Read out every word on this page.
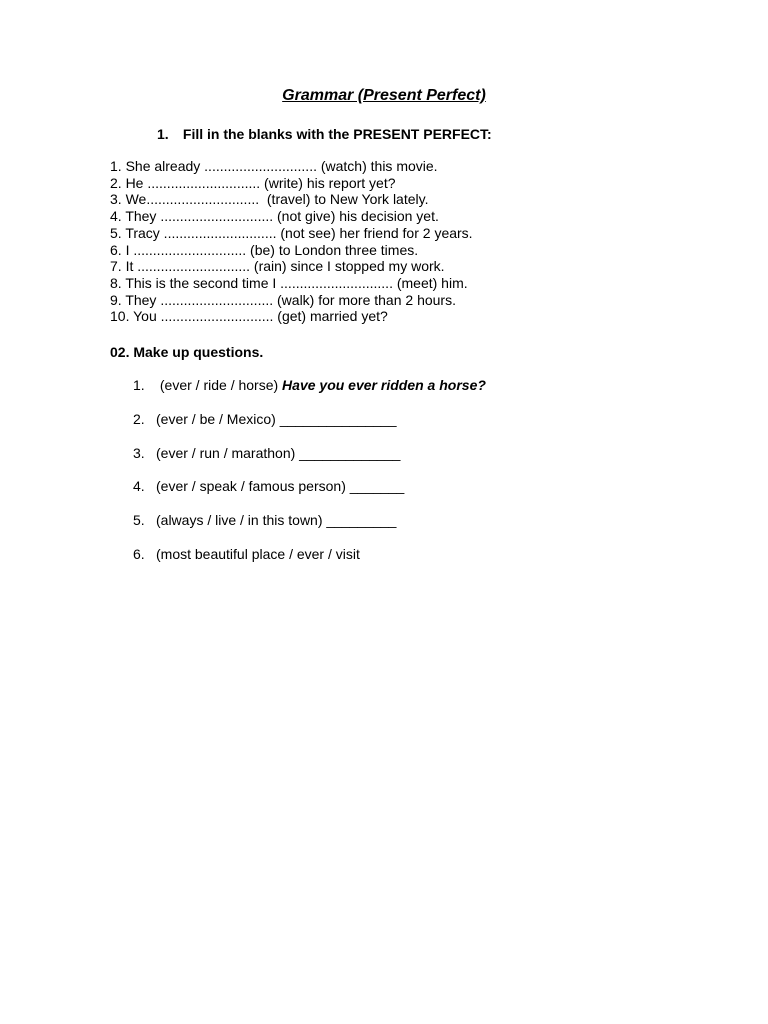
Grammar (Present Perfect)
1. Fill in the blanks with the PRESENT PERFECT:
1. She already ............................. (watch) this movie.
2. He ............................. (write) his report yet?
3. We.............................  (travel) to New York lately.
4. They ............................. (not give) his decision yet.
5. Tracy ............................. (not see) her friend for 2 years.
6. I ............................. (be) to London three times.
7. It ............................. (rain) since I stopped my work.
8. This is the second time I ............................. (meet) him.
9. They ............................. (walk) for more than 2 hours.
10. You ............................. (get) married yet?
02. Make up questions.

1.

(ever / ride / horse) Have you ever ridden a horse?

2.

(ever / be / Mexico) _______________

3.

(ever / run / marathon) _____________

4.

(ever / speak / famous person) _______

5.

(always / live / in this town) _________

6.

(most beautiful place / ever / visit
